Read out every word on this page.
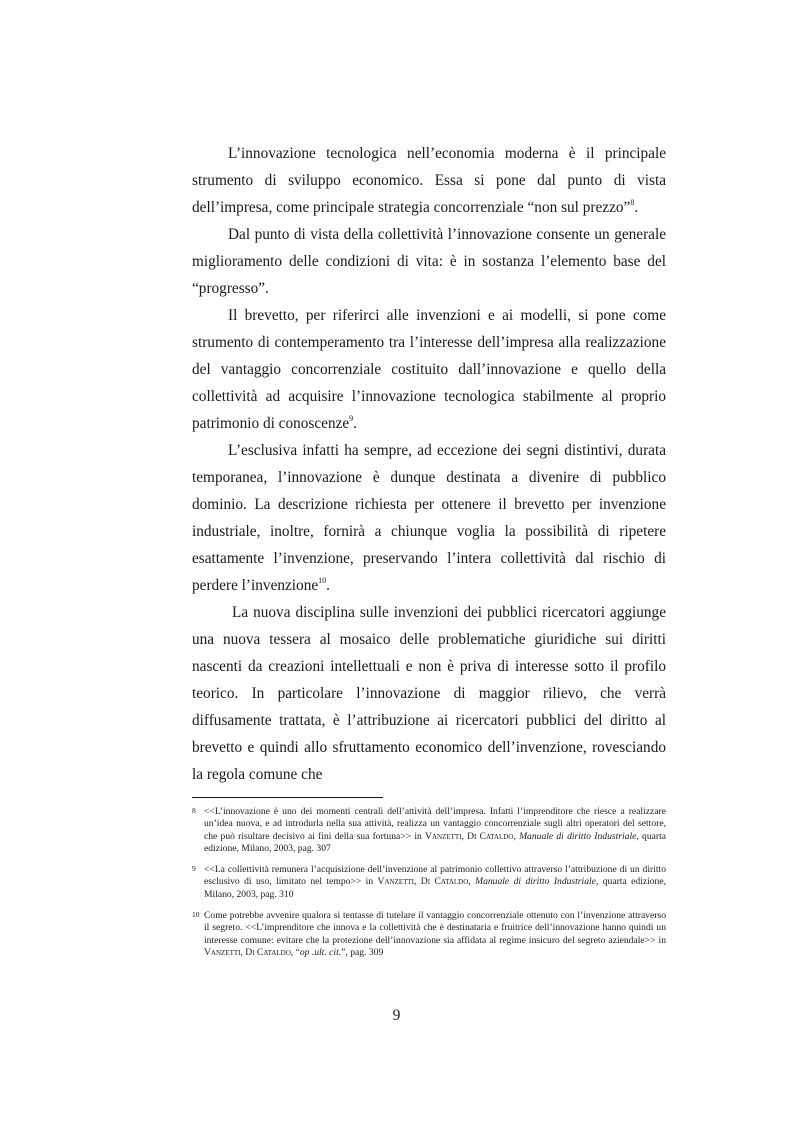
L’innovazione tecnologica nell’economia moderna è il principale strumento di sviluppo economico. Essa si pone dal punto di vista dell’impresa, come principale strategia concorrenziale “non sul prezzo”$^8$.

Dal punto di vista della collettività l’innovazione consente un generale miglioramento delle condizioni di vita: è in sostanza l’elemento base del “progresso”.

Il brevetto, per riferirci alle invenzioni e ai modelli, si pone come strumento di contemperamento tra l’interesse dell’impresa alla realizzazione del vantaggio concorrenziale costituito dall’innovazione e quello della collettività ad acquisire l’innovazione tecnologica stabilmente al proprio patrimonio di conoscenze$^9$.

L’esclusiva infatti ha sempre, ad eccezione dei segni distintivi, durata temporanea, l’innovazione è dunque destinata a divenire di pubblico dominio. La descrizione richiesta per ottenere il brevetto per invenzione industriale, inoltre, fornirà a chiunque voglia la possibilità di ripetere esattamente l’invenzione, preservando l’intera collettività dal rischio di perdere l’invenzione$^{10}$.

La nuova disciplina sulle invenzioni dei pubblici ricercatori aggiunge una nuova tessera al mosaico delle problematiche giuridiche sui diritti nascenti da creazioni intellettuali e non è priva di interesse sotto il profilo teorico. In particolare l’innovazione di maggior rilievo, che verrà diffusamente trattata, è l’attribuzione ai ricercatori pubblici del diritto al brevetto e quindi allo sfruttamento economico dell’invenzione, rovesciando la regola comune che

8 <<L’innovazione è uno dei momenti centrali dell’attività dell’impresa. Infatti l’imprenditore che riesce a realizzare un’idea nuova, e ad introdurla nella sua attività, realizza un vantaggio concorrenziale sugli altri operatori del settore, che può risultare decisivo ai fini della sua fortuna>> in Vanzetti, Di Cataldo, Manuale di diritto Industriale, quarta edizione, Milano, 2003, pag. 307

9 <<La collettività remunera l’acquisizione dell’invenzione al patrimonio collettivo attraverso l’attribuzione di un diritto esclusivo di uso, limitato nel tempo>> in Vanzetti, Di Cataldo, Manuale di diritto Industriale, quarta edizione, Milano, 2003, pag. 310

10 Come potrebbe avvenire qualora si tentasse di tutelare il vantaggio concorrenziale ottenuto con l’invenzione attraverso il segreto. <<L’imprenditore che innova e la collettività che è destinataria e fruitrice dell’innovazione hanno quindi un interesse comune: evitare che la protezione dell’innovazione sia affidata al regime insicuro del segreto aziendale>> in Vanzetti, Di Cataldo, “op .ult. cit.”, pag. 309

9
